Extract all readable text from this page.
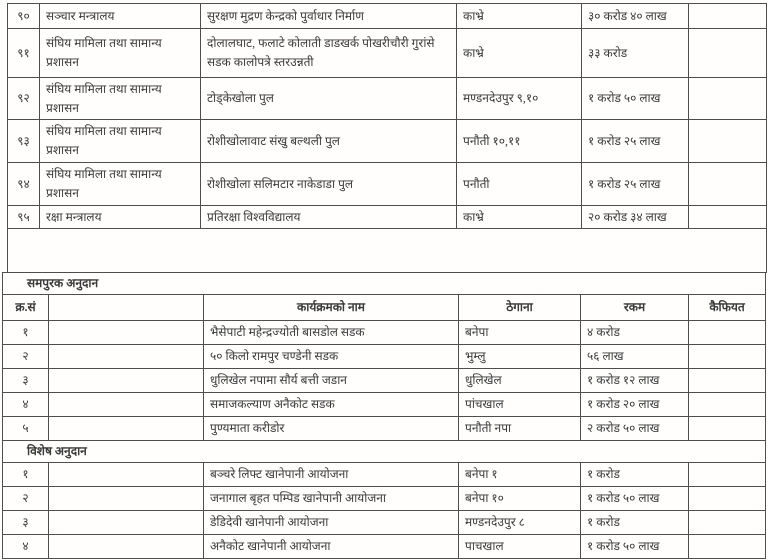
९०	सञ्चार मन्त्रालय	सुरक्षण मुद्रण केन्द्रको पुर्वाधार निर्माण	काभ्रे	३० करोड ४० लाख	
९१	संघिय मामिला तथा सामान्य प्रशासन	दोलालघाट, फलाटे कोलाती डाडखर्क पोखरीचौरी गुरांसे सडक कालोपत्रे स्तरउन्नती	काभ्रे	३३ करोड	
९२	संघिय मामिला तथा सामान्य प्रशासन	टोड्केखोला पुल	मण्डनदेउपुर ९,१०	१ करोड ५० लाख	
९३	संघिय मामिला तथा सामान्य प्रशासन	रोशीखोलावाट संखु बल्थली पुल	पनौती १०,११	१ करोड २५ लाख	
९४	संघिय मामिला तथा सामान्य प्रशासन	रोशीखोला सलिमटार नाकेडाडा पुल	पनौती	१ करोड २५ लाख	
९५	रक्षा मन्त्रालय	प्रतिरक्षा विश्वविद्यालय	काभ्रे	२० करोड ३४ लाख	

समपुरक अनुदान					
क्र.सं		कार्यक्रमको नाम	ठेगाना	रकम	कैफियत
१		भैसेपाटी महेन्द्रज्योती बासडोल सडक	बनेपा	४ करोड	
२		५० किलो रामपुर चण्डेनी सडक	भुम्लु	५६ लाख	
३		धुलिखेल नपामा सौर्य बत्ती जडान	धुलिखेल	१ करोड १२ लाख	
४		समाजकल्याण अनैकोट सडक	पांचखाल	१ करोड २० लाख	
५		पुण्यमाता करीडोर	पनौती नपा	२ करोड ५० लाख	
विशेष अनुदान					
१		बञ्चरे लिफ्ट खानेपानी आयोजना	बनेपा १	१ करोड	
२		जनागाल बृहत पम्पिड खानेपानी आयोजना	बनेपा १०	१ करोड ५० लाख	
३		डेडिदेवी खानेपानी आयोजना	मण्डनदेउपुर ८	१ करोड	
४		अनैकोट खानेपानी आयोजना	पाचखाल	१ करोड ५० लाख	
